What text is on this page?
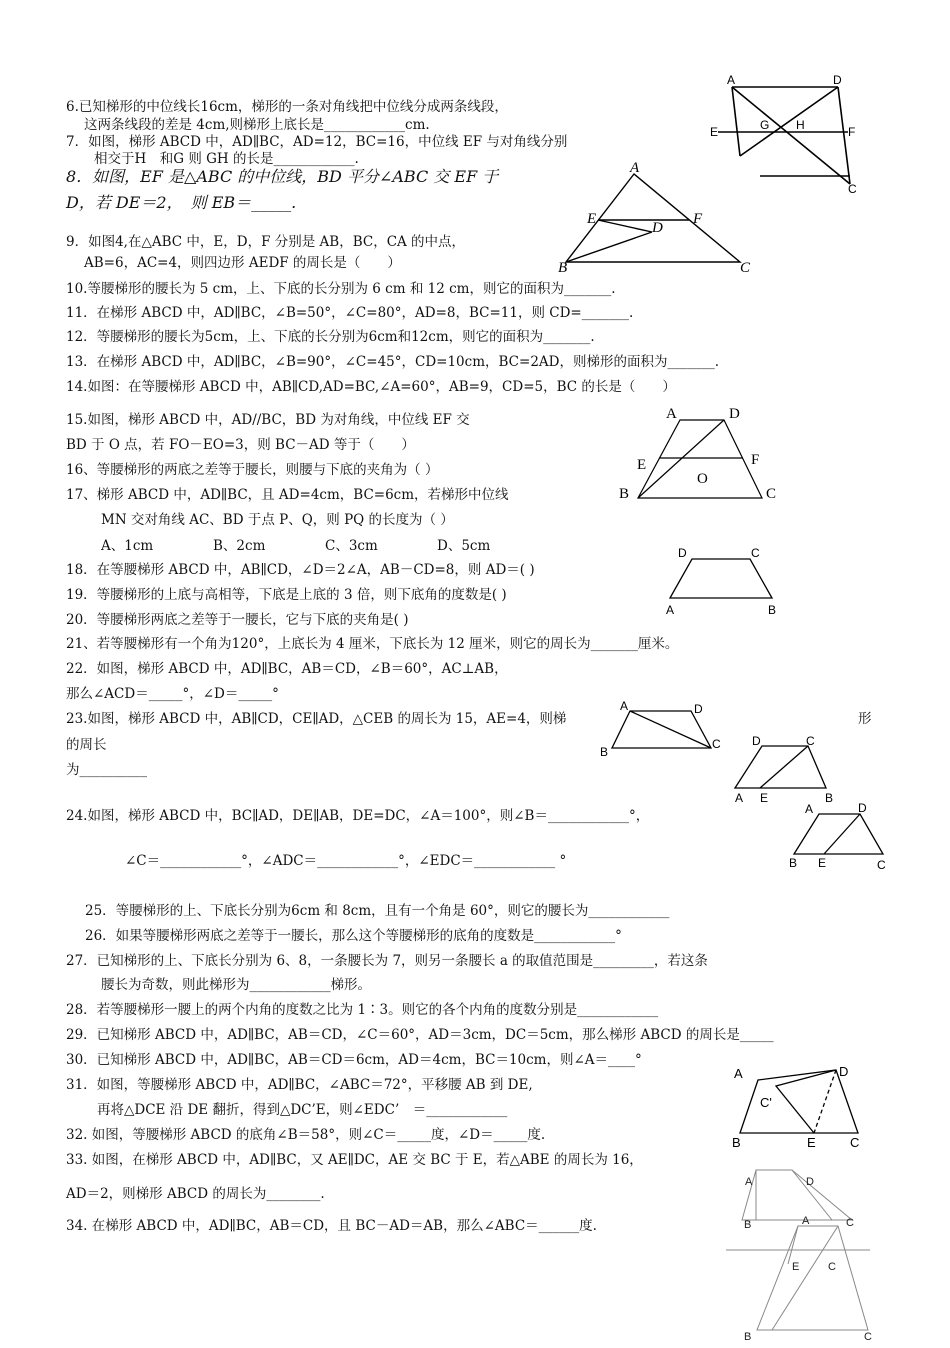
6.已知梯形的中位线长16cm，梯形的一条对角线把中位线分成两条线段，
这两条线段的差是 4cm,则梯形上底长是____________cm.
7．如图，梯形 ABCD 中，AD∥BC，AD=12，BC=16，中位线 EF 与对角线分别
相交于H　和G 则 GH 的长是____________.
8．如图，EF 是△ABC 的中位线，BD 平分∠ABC 交 EF 于
D，若 DE＝2，　则 EB＝_____.
9．如图4,在△ABC 中，E，D，F 分别是 AB，BC，CA 的中点，
AB=6，AC=4，则四边形 AEDF 的周长是（　　）
10.等腰梯形的腰长为 5 cm，上、下底的长分别为 6 cm 和 12 cm，则它的面积为_______.
11．在梯形 ABCD 中，AD∥BC，∠B=50°，∠C=80°，AD=8，BC=11，则 CD=_______.
12．等腰梯形的腰长为5cm，上、下底的长分别为6cm和12cm，则它的面积为_______.
13．在梯形 ABCD 中，AD∥BC，∠B=90°，∠C=45°，CD=10cm，BC=2AD，则梯形的面积为_______.
14.如图：在等腰梯形 ABCD 中，AB∥CD,AD=BC,∠A=60°，AB=9，CD=5，BC 的长是（　　）
15.如图，梯形 ABCD 中，AD//BC，BD 为对角线，中位线 EF 交
BD 于 O 点，若 FO－EO=3，则 BC－AD 等于（　　）
16、等腰梯形的两底之差等于腰长，则腰与下底的夹角为（ ）
17、梯形 ABCD 中，AD∥BC，且 AD=4cm，BC=6cm，若梯形中位线
MN 交对角线 AC、BD 于点 P、Q，则 PQ 的长度为（ ）
A、1cm	B、2cm	C、3cm	D、5cm
18．在等腰梯形 ABCD 中，AB∥CD，∠D＝2∠A，AB－CD=8，则 AD＝( )
19．等腰梯形的上底与高相等，下底是上底的 3 倍，则下底角的度数是( )
20．等腰梯形两底之差等于一腰长，它与下底的夹角是( )
21、若等腰梯形有一个角为120°，上底长为 4 厘米，下底长为 12 厘米，则它的周长为_______厘米。
22．如图，梯形 ABCD 中，AD∥BC，AB＝CD，∠B＝60°，AC⊥AB，
那么∠ACD＝_____°，∠D＝_____°
23.如图，梯形 ABCD 中，AB∥CD，CE∥AD，△CEB 的周长为 15，AE=4，则梯	形
的周长
为__________
24.如图，梯形 ABCD 中，BC∥AD，DE∥AB，DE=DC，∠A＝100°，则∠B＝____________°，
∠C＝____________°，∠ADC＝____________°，∠EDC＝____________ °
25．等腰梯形的上、下底长分别为6cm 和 8cm，且有一个角是 60°，则它的腰长为____________
26．如果等腰梯形两底之差等于一腰长，那么这个等腰梯形的底角的度数是____________°
27．已知梯形的上、下底长分别为 6、8，一条腰长为 7，则另一条腰长 a 的取值范围是_________，若这条
腰长为奇数，则此梯形为____________梯形。
28．若等腰梯形一腰上的两个内角的度数之比为 1∶3。则它的各个内角的度数分别是____________
29．已知梯形 ABCD 中，AD∥BC，AB＝CD，∠C＝60°，AD＝3cm，DC＝5cm，那么梯形 ABCD 的周长是_____
30．已知梯形 ABCD 中，AD∥BC，AB＝CD＝6cm，AD＝4cm，BC＝10cm，则∠A＝____°
31．如图，等腰梯形 ABCD 中，AD∥BC，∠ABC＝72°，平移腰 AB 到 DE,
再将△DCE 沿 DE 翻折，得到△DC’E，则∠EDC’　＝____________
32. 如图，等腰梯形 ABCD 的底角∠B＝58°，则∠C＝_____度，∠D＝_____度.
33. 如图，在梯形 ABCD 中，AD∥BC，又 AE∥DC，AE 交 BC 于 E，若△ABE 的周长为 16，
AD＝2，则梯形 ABCD 的周长为________.
34. 在梯形 ABCD 中，AD∥BC，AB＝CD，且 BC－AD＝AB，那么∠ABC＝______度.
A	D
E	G H	F
C
A
E	F
D
B	C
A	D
E	F
O
B	C
D	C
A	B
A	D
B
C	D	C
A E	B
A	D
B E	C
A	D
C'
B	E	C
A	D
B	C
A
E	C
B	C
